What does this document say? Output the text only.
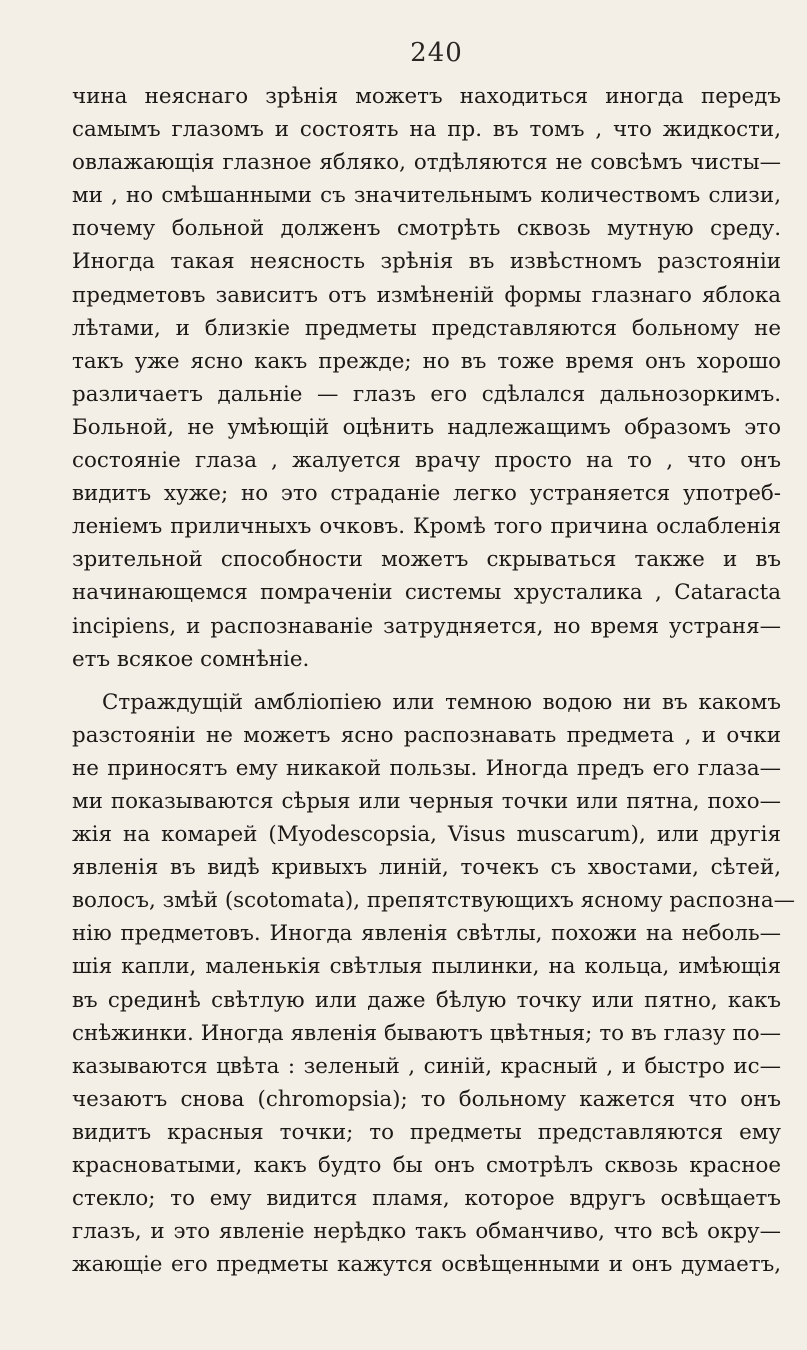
240
чина неяснаго зрѣнія можетъ находиться иногда передъ
самымъ глазомъ и состоять на пр. въ томъ , что жидкости,
овлажающія глазное ябляко, отдѣляются не совсѣмъ чисты—
ми , но смѣшанными съ значительнымъ количествомъ слизи,
почему больной долженъ смотрѣть сквозь мутную среду.
Иногда такая неясность зрѣнія въ извѣстномъ разстояніи
предметовъ зависитъ отъ измѣненій формы глазнаго яблока
лѣтами, и близкіе предметы представляются больному не
такъ уже ясно какъ прежде; но въ тоже время онъ хорошо
различаетъ дальніе — глазъ его сдѣлался дальнозоркимъ.
Больной, не умѣющій оцѣнить надлежащимъ образомъ это
состояніе глаза , жалуется врачу просто на то , что онъ
видитъ хуже; но это страданіе легко устраняется употреб-
леніемъ приличныхъ очковъ. Кромѣ того причина ослабленія
зрительной способности можетъ скрываться также и въ
начинающемся помраченіи системы хрусталика , Cataracta
incipiens, и распознаваніе затрудняется, но время устраня—
етъ всякое сомнѣніе.
Страждущій амбліопіею или темною водою ни въ какомъ
разстояніи не можетъ ясно распознавать предмета , и очки
не приносятъ ему никакой пользы. Иногда предъ его глаза—
ми показываются сѣрыя или черныя точки или пятна, похо—
жія на комарей (Myodescopsia, Visus muscarum), или другія
явленія въ видѣ кривыхъ линій, точекъ съ хвостами, сѣтей,
волосъ, змѣй (scotomata), препятствующихъ ясному распозна—
нію предметовъ. Иногда явленія свѣтлы, похожи на неболь—
шія капли, маленькія свѣтлыя пылинки, на кольца, имѣющія
въ срединѣ свѣтлую или даже бѣлую точку или пятно, какъ
снѣжинки. Иногда явленія бываютъ цвѣтныя; то въ глазу по—
казываются цвѣта : зеленый , синій, красный , и быстро ис—
чезаютъ снова (chromopsia); то больному кажется что онъ
видитъ красныя точки; то предметы представляются ему
красноватыми, какъ будто бы онъ смотрѣлъ сквозь красное
стекло; то ему видится пламя, которое вдругъ освѣщаетъ
глазъ, и это явленіе нерѣдко такъ обманчиво, что всѣ окру—
жающіе его предметы кажутся освѣщенными и онъ думаетъ,
